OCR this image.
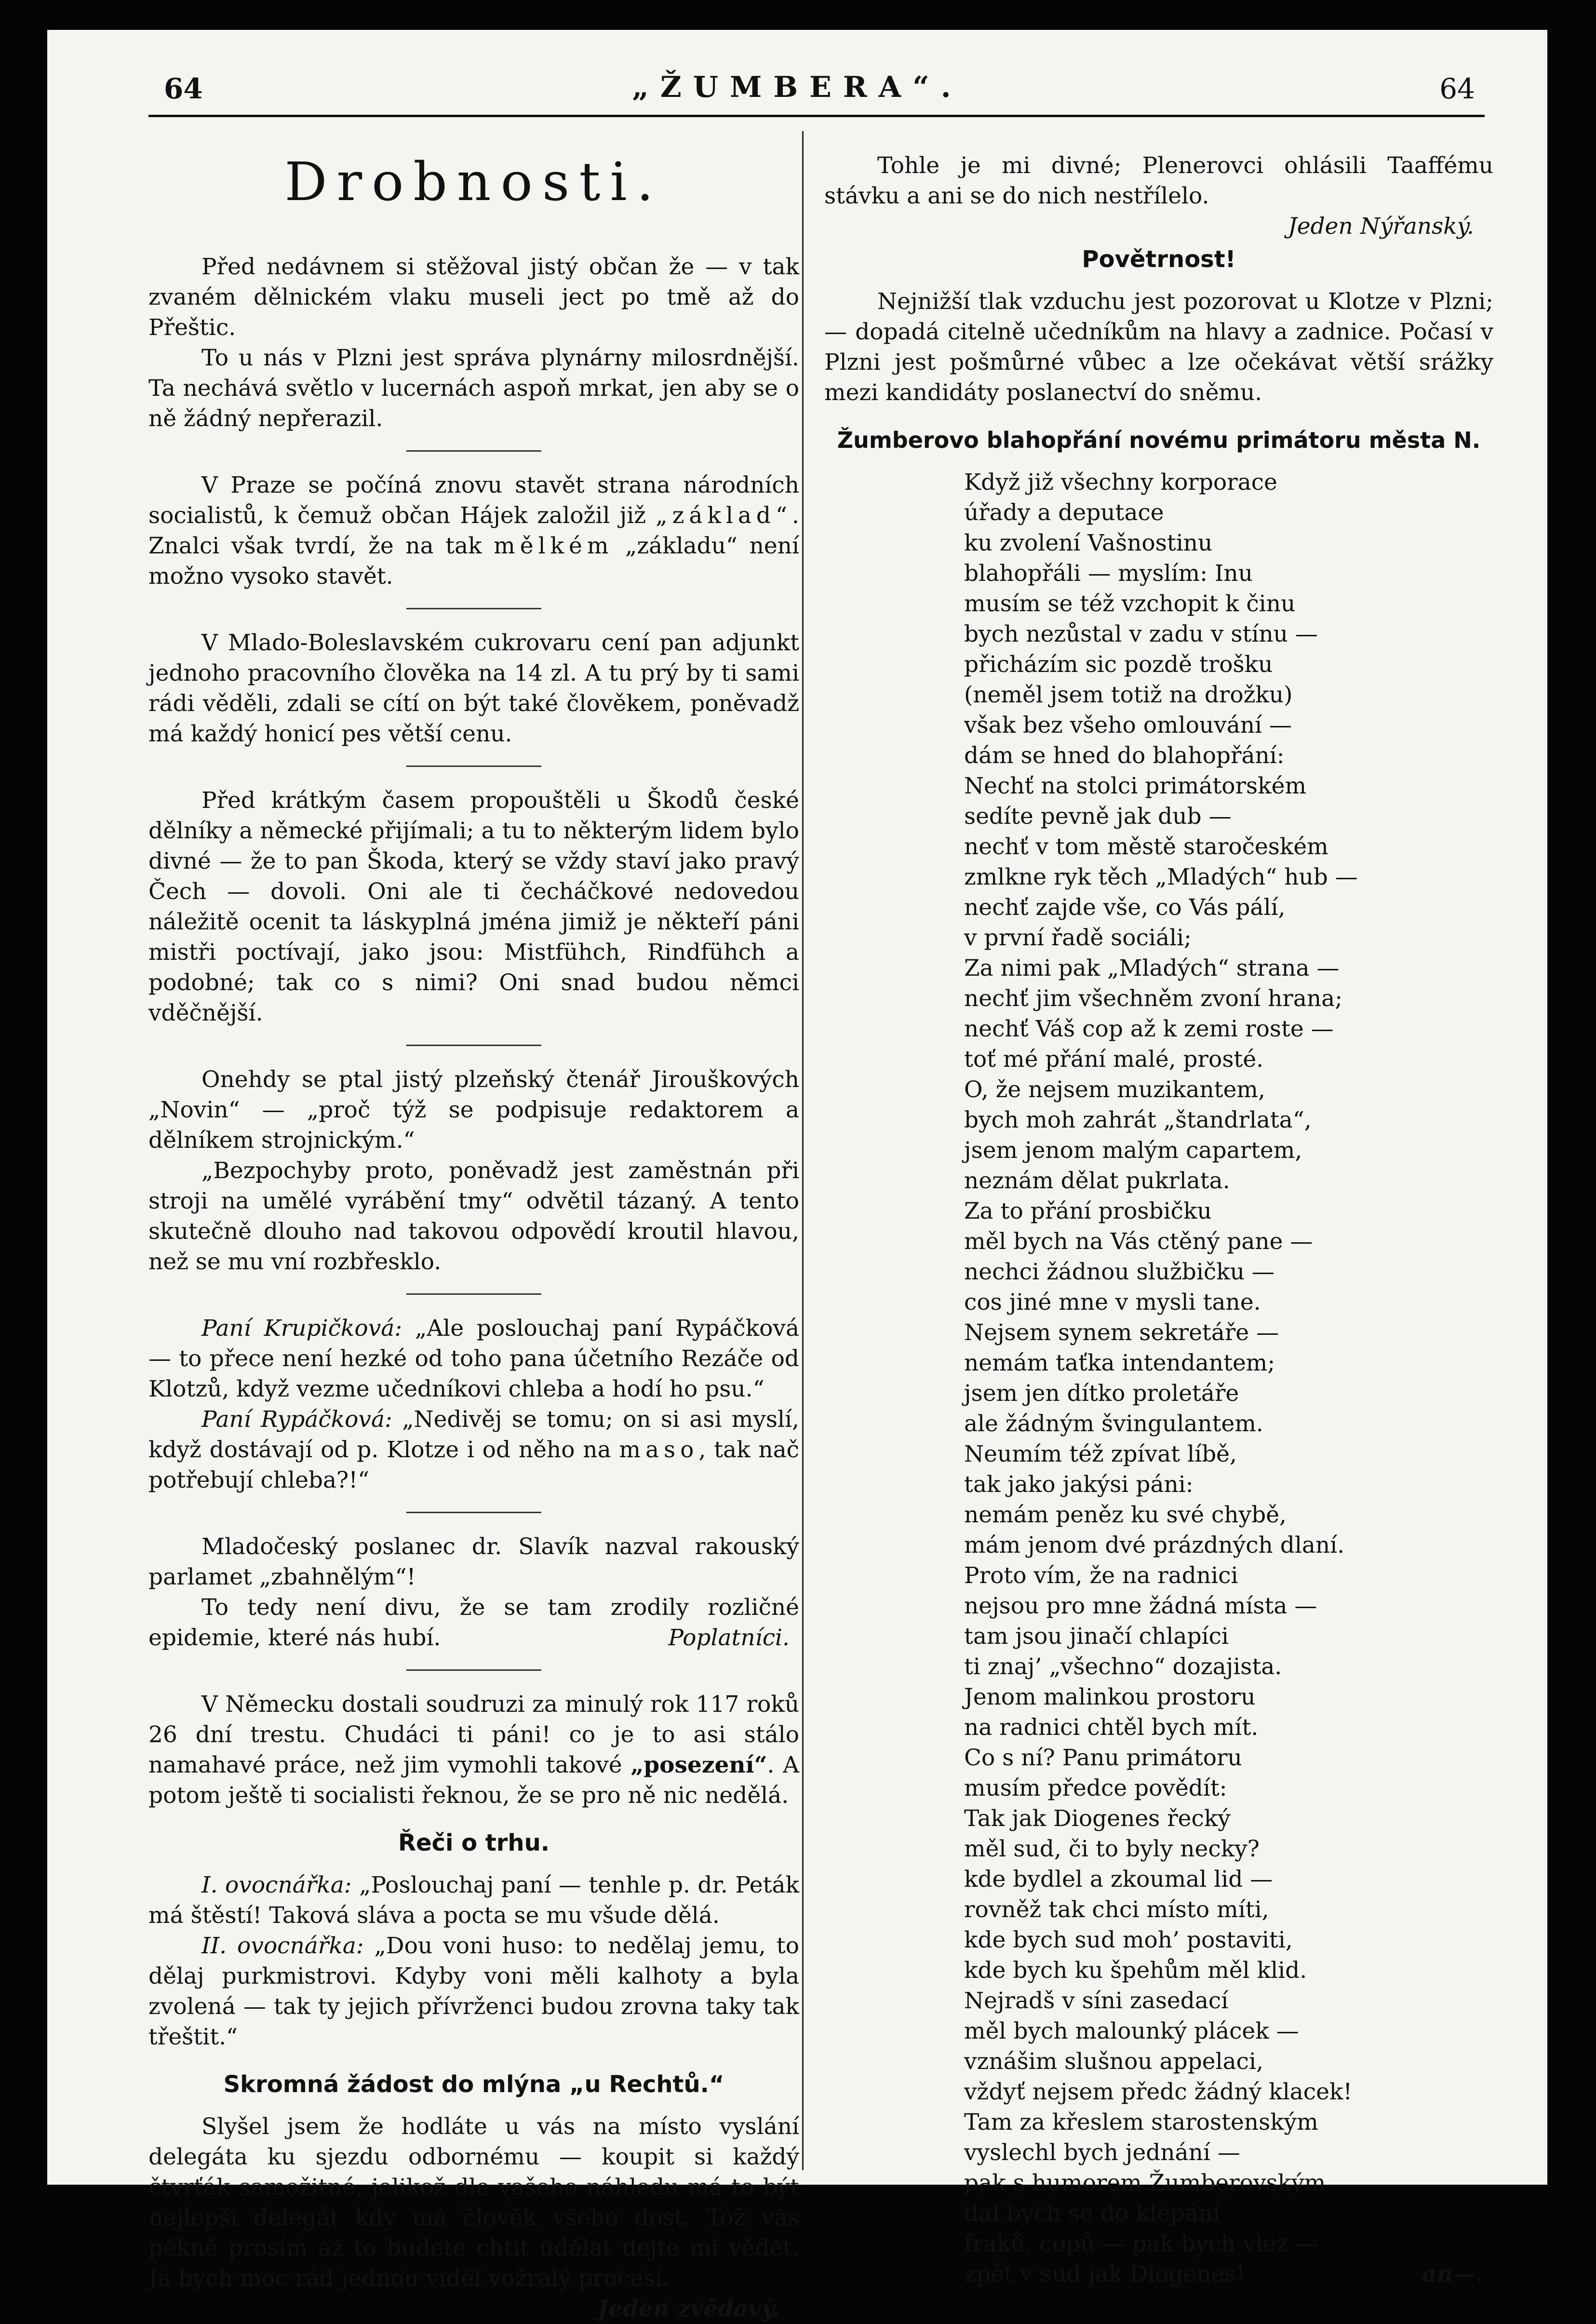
64	„ŽUMBERA“.	64
Drobnosti.

Před nedávnem si stěžoval jistý občan že — v tak zvaném dělnickém vlaku museli ject po tmě až do Přeštic.

To u nás v Plzni jest správa plynárny milosrdnější. Ta nechává světlo v lucernách aspoň mrkat, jen aby se o ně žádný nepřerazil.

V Praze se počíná znovu stavět strana národních socialistů, k čemuž občan Hájek založil již „základ“. Znalci však tvrdí, že na tak mělkém „základu“ není možno vysoko stavět.

V Mlado-Boleslavském cukrovaru cení pan adjunkt jednoho pracovního člověka na 14 zl. A tu prý by ti sami rádi věděli, zdali se cítí on být také člověkem, poněvadž má každý honicí pes větší cenu.

Před krátkým časem propouštěli u Škodů české dělníky a německé přijímali; a tu to některým lidem bylo divné — že to pan Škoda, který se vždy staví jako pravý Čech — dovoli. Oni ale ti čecháčkové nedovedou náležitě ocenit ta láskyplná jména jimiž je někteří páni mistři poctívají, jako jsou: Mistfühch, Rindfühch a podobné; tak co s nimi? Oni snad budou němci vděčnější.

Onehdy se ptal jistý plzeňský čtenář Jirouškových „Novin“ — „proč týž se podpisuje redaktorem a dělníkem strojnickým.“

„Bezpochyby proto, poněvadž jest zaměstnán při stroji na umělé vyrábění tmy“ odvětil tázaný. A tento skutečně dlouho nad takovou odpovědí kroutil hlavou, než se mu vní rozbřesklo.

Paní Krupičková: „Ale poslouchaj paní Rypáčková — to přece není hezké od toho pana účetního Rezáče od Klotzů, když vezme učedníkovi chleba a hodí ho psu.“

Paní Rypáčková: „Nedivěj se tomu; on si asi myslí, když dostávají od p. Klotze i od něho na maso, tak nač potřebují chleba?!“

Mladočeský poslanec dr. Slavík nazval rakouský parlamet „zbahnělým“!

To tedy není divu, že se tam zrodily rozličné epidemie, které nás hubí.	Poplatníci.

V Německu dostali soudruzi za minulý rok 117 roků 26 dní trestu. Chudáci ti páni! co je to asi stálo namahavé práce, než jim vymohli takové „posezení“. A potom ještě ti socialisti řeknou, že se pro ně nic nedělá.

Řeči o trhu.

I. ovocnářka: „Poslouchaj paní — tenhle p. dr. Peták má štěstí! Taková sláva a pocta se mu všude dělá.

II. ovocnářka: „Dou voni huso: to nedělaj jemu, to dělaj purkmistrovi. Kdyby voni měli kalhoty a byla zvolená — tak ty jejich přívrženci budou zrovna taky tak třeštit.“

Skromná žádost do mlýna „u Rechtů.“

Slyšel jsem že hodláte u vás na místo vyslání delegáta ku sjezdu odbornému — koupit si každý čtvrťák samožitné, jelikož dle vašeho náhledu má to být nejlepší delegát kdy má člověk všeho dost. Tož vás pěkně prosím až to budete chtít udělat dejte mi vědět. Já bych moc rád jednou viděl vožralý procesí.

Jeden zvědavý.

Tohle je mi divné; Plenerovci ohlásili Taaffému stávku a ani se do nich nestřílelo.

Jeden Nýřanský.
Povětrnost!

Nejnižší tlak vzduchu jest pozorovat u Klotze v Plzni; — dopadá citelně učedníkům na hlavy a zadnice. Počasí v Plzni jest pošmůrné vůbec a lze očekávat větší srážky mezi kandidáty poslanectví do sněmu.

Žumberovo blahopřání novému primátoru města N.
Když již všechny korporace
úřady a deputace
ku zvolení Vašnostinu
blahopřáli — myslím: Inu
musím se též vzchopit k činu
bych nezůstal v zadu v stínu —
přicházím sic pozdě trošku
(neměl jsem totiž na drožku)
však bez všeho omlouvání —
dám se hned do blahopřání:
Nechť na stolci primátorském
sedíte pevně jak dub —
nechť v tom městě staročeském
zmlkne ryk těch „Mladých“ hub —
nechť zajde vše, co Vás pálí,
v první řadě sociáli;
Za nimi pak „Mladých“ strana —
nechť jim všechněm zvoní hrana;
nechť Váš cop až k zemi roste —
toť mé přání malé, prosté.
O, že nejsem muzikantem,
bych moh zahrát „štandrlata“,
jsem jenom malým capartem,
neznám dělat pukrlata.
Za to přání prosbičku
měl bych na Vás ctěný pane —
nechci žádnou službičku —
cos jiné mne v mysli tane.
Nejsem synem sekretáře —
nemám taťka intendantem;
jsem jen dítko proletáře
ale žádným švingulantem.
Neumím též zpívat líbě,
tak jako jakýsi páni:
nemám peněz ku své chybě,
mám jenom dvé prázdných dlaní.
Proto vím, že na radnici
nejsou pro mne žádná místa —
tam jsou jinačí chlapíci
ti znaj’ „všechno“ dozajista.
Jenom malinkou prostoru
na radnici chtěl bych mít.
Co s ní? Panu primátoru
musím předce povědít:
Tak jak Diogenes řecký
měl sud, či to byly necky?
kde bydlel a zkoumal lid —
rovněž tak chci místo míti,
kde bych sud moh’ postaviti,
kde bych ku špehům měl klid.
Nejradš v síni zasedací
měl bych malounký plácek —
vznášim slušnou appelaci,
vždyť nejsem předc žádný klacek!
Tam za křeslem starostenským
vyslechl bych jednání —
pak s humorem Žumberovským
dal bych se do klepání
fraků, copů — pak bych vlez —
zpět v sud jak Diogenes!	an—.
